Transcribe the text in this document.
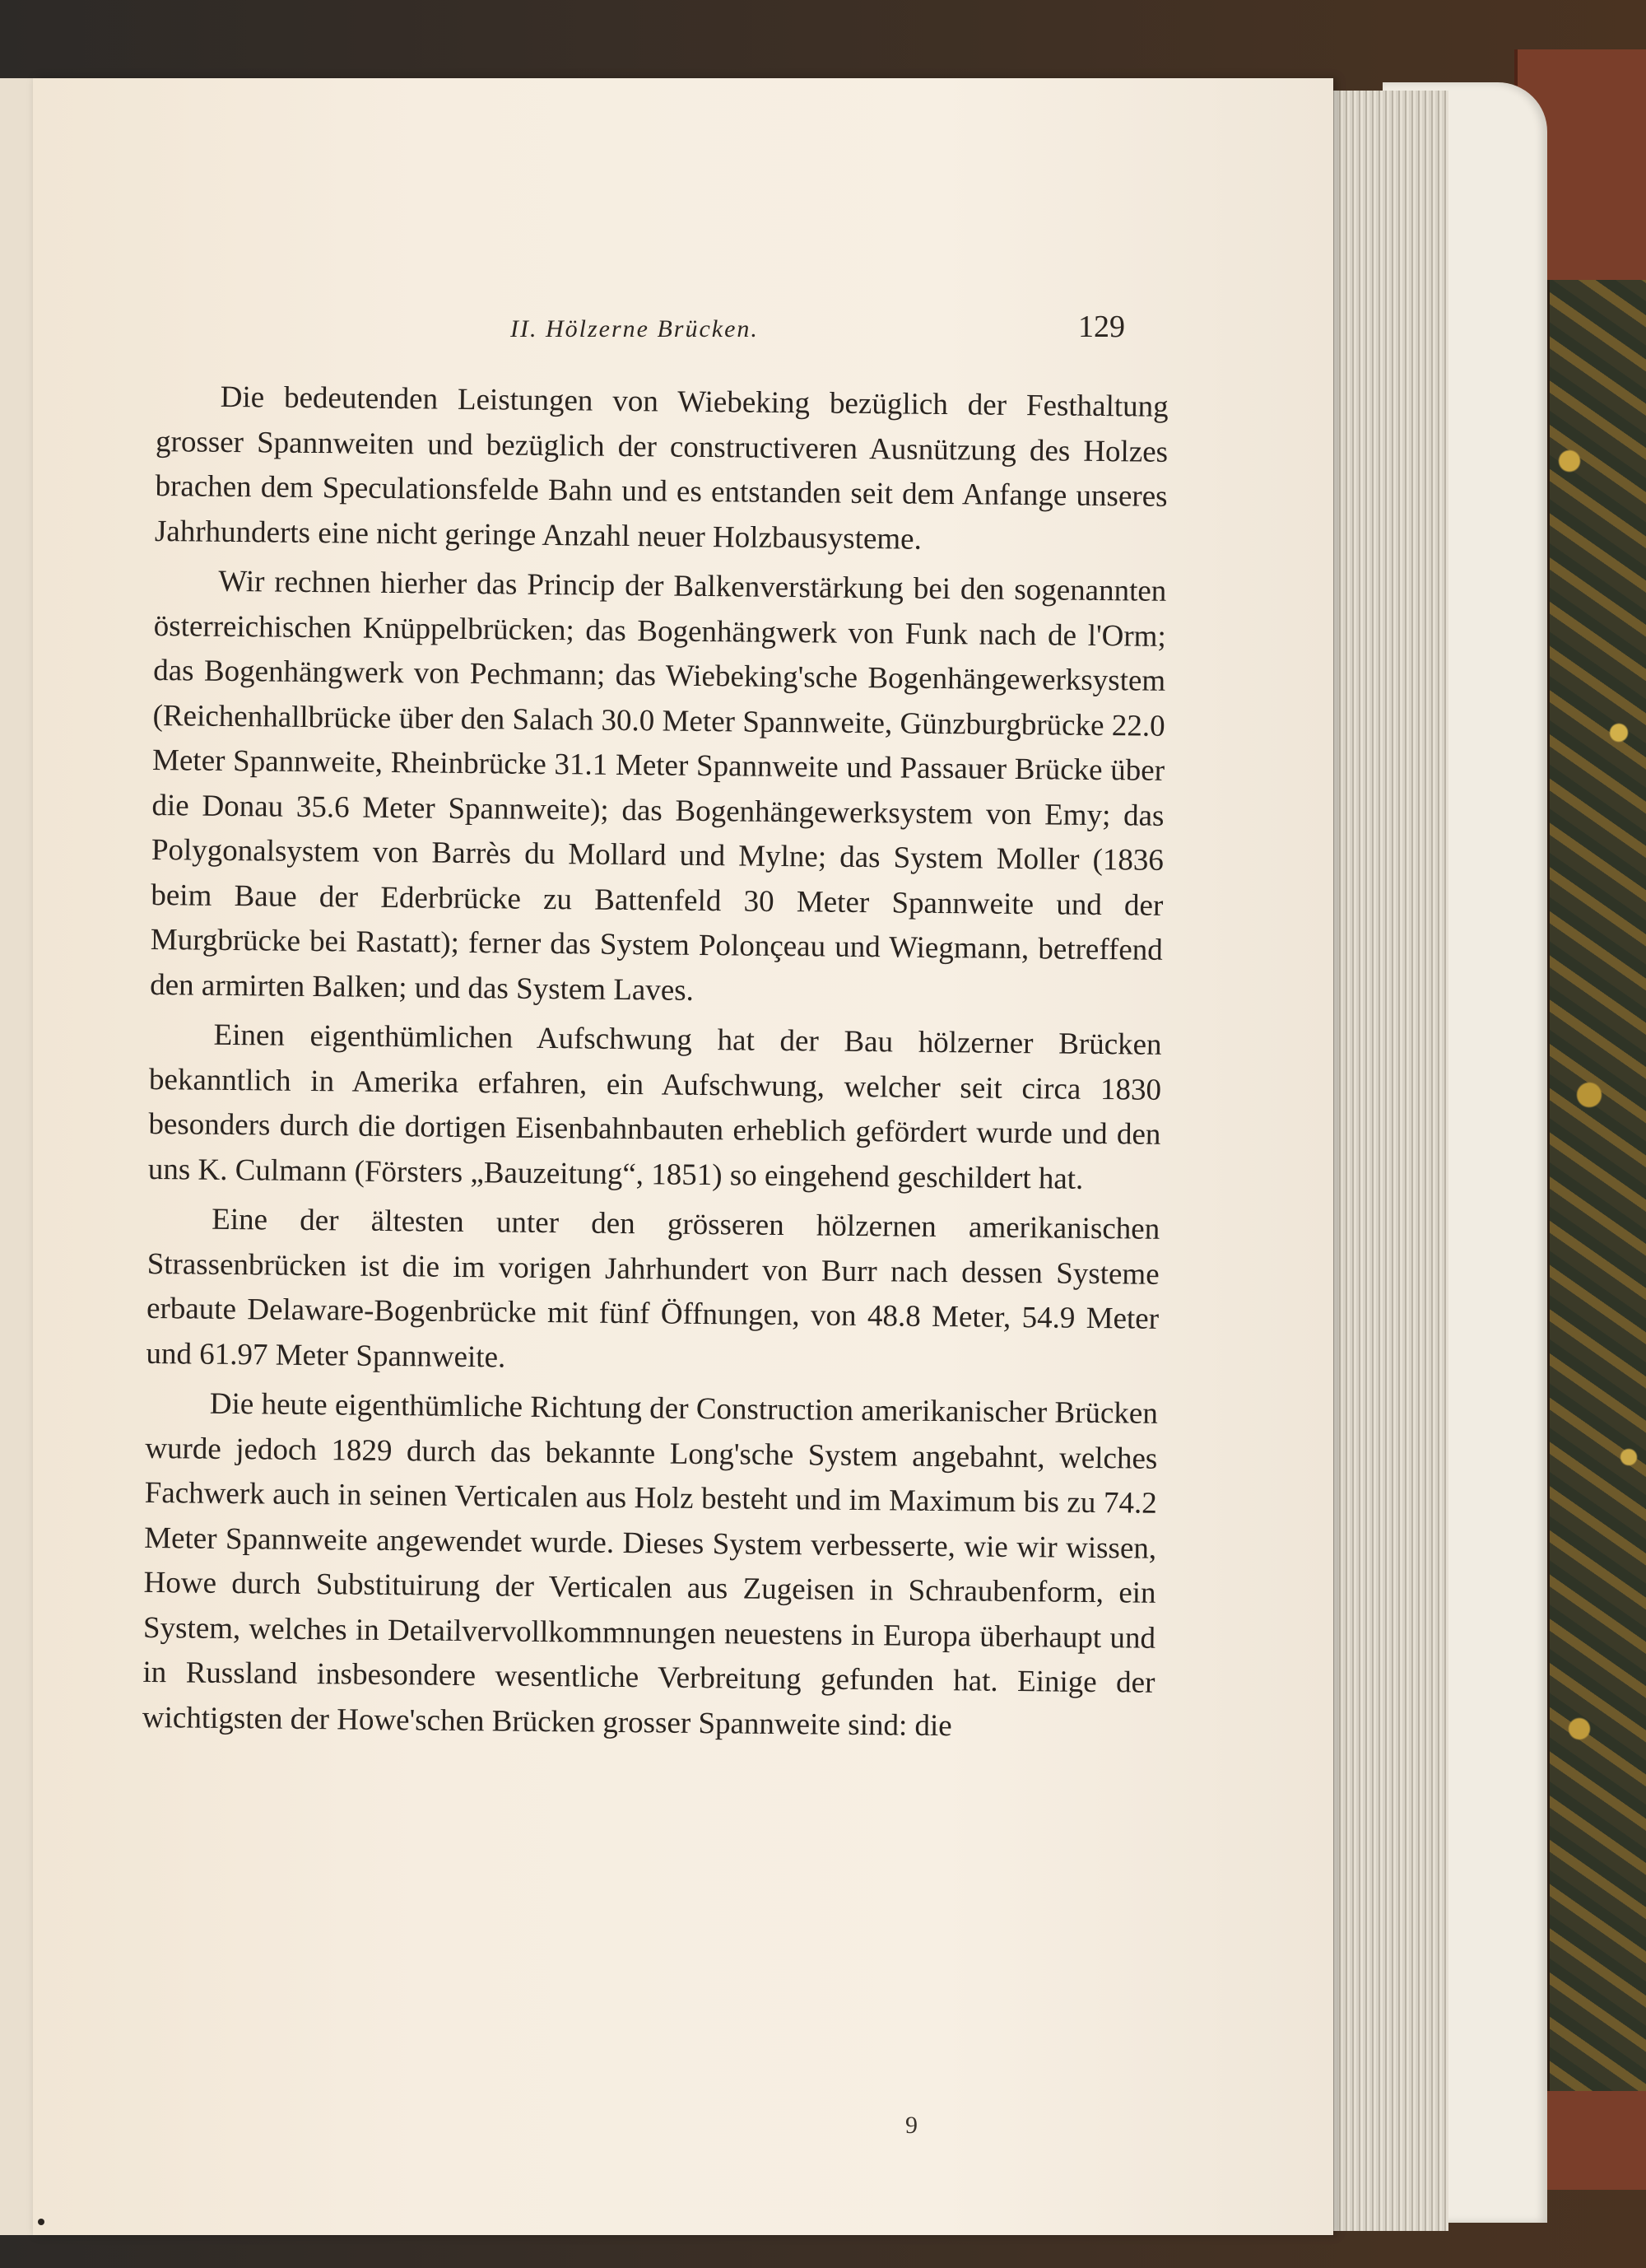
II. Hölzerne Brücken.	129

Die bedeutenden Leistungen von Wiebeking bezüglich der Festhaltung grosser Spannweiten und bezüglich der constructiveren Ausnützung des Holzes brachen dem Speculationsfelde Bahn und es entstanden seit dem Anfange unseres Jahrhunderts eine nicht geringe Anzahl neuer Holzbausysteme.

Wir rechnen hierher das Princip der Balkenverstärkung bei den sogenannten österreichischen Knüppelbrücken; das Bogenhängwerk von Funk nach de l'Orm; das Bogenhängwerk von Pechmann; das Wiebeking'sche Bogenhängewerksystem (Reichenhallbrücke über den Salach 30.0 Meter Spannweite, Günzburgbrücke 22.0 Meter Spannweite, Rheinbrücke 31.1 Meter Spannweite und Passauer Brücke über die Donau 35.6 Meter Spannweite); das Bogenhängewerksystem von Emy; das Polygonalsystem von Barrès du Mollard und Mylne; das System Moller (1836 beim Baue der Ederbrücke zu Battenfeld 30 Meter Spannweite und der Murgbrücke bei Rastatt); ferner das System Polonçeau und Wiegmann, betreffend den armirten Balken; und das System Laves.

Einen eigenthümlichen Aufschwung hat der Bau hölzerner Brücken bekanntlich in Amerika erfahren, ein Aufschwung, welcher seit circa 1830 besonders durch die dortigen Eisenbahnbauten erheblich gefördert wurde und den uns K. Culmann (Försters „Bauzeitung“, 1851) so eingehend geschildert hat.

Eine der ältesten unter den grösseren hölzernen amerikanischen Strassenbrücken ist die im vorigen Jahrhundert von Burr nach dessen Systeme erbaute Delaware-Bogenbrücke mit fünf Öffnungen, von 48.8 Meter, 54.9 Meter und 61.97 Meter Spannweite.

Die heute eigenthümliche Richtung der Construction amerikanischer Brücken wurde jedoch 1829 durch das bekannte Long'sche System angebahnt, welches Fachwerk auch in seinen Verticalen aus Holz besteht und im Maximum bis zu 74.2 Meter Spannweite angewendet wurde. Dieses System verbesserte, wie wir wissen, Howe durch Substituirung der Verticalen aus Zugeisen in Schraubenform, ein System, welches in Detailvervollkommnungen neuestens in Europa überhaupt und in Russland insbesondere wesentliche Verbreitung gefunden hat. Einige der wichtigsten der Howe'schen Brücken grosser Spannweite sind: die

9
